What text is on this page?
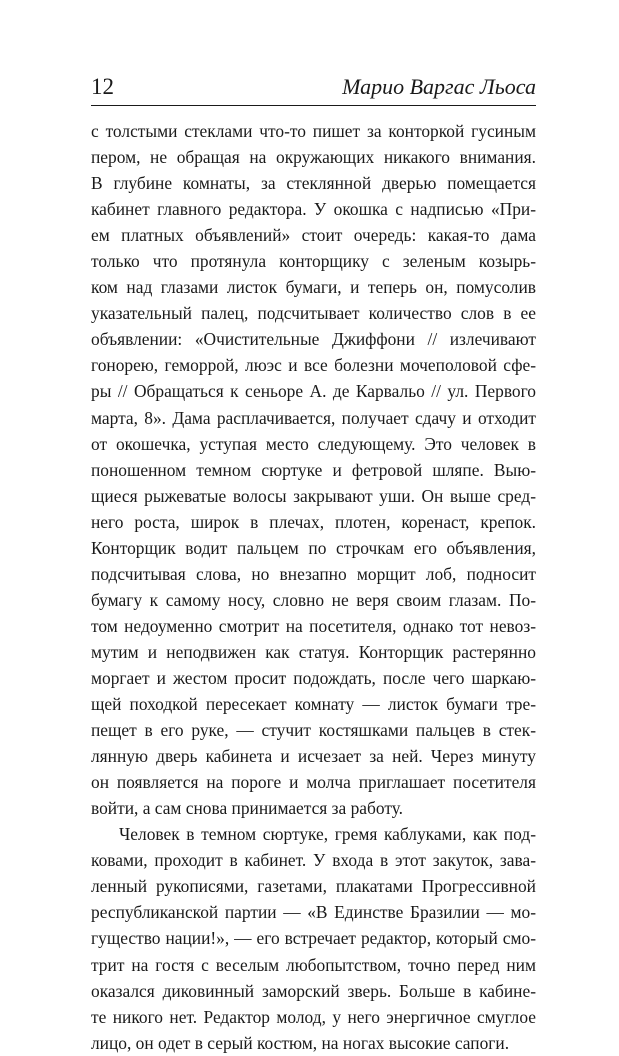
12	Марио Варгас Льоса
с толстыми стеклами что-то пишет за конторкой гусиным
пером, не обращая на окружающих никакого внимания.
В глубине комнаты, за стеклянной дверью помещается
кабинет главного редактора. У окошка с надписью «При-
ем платных объявлений» стоит очередь: какая-то дама
только что протянула конторщику с зеленым козырь-
ком над глазами листок бумаги, и теперь он, помусолив
указательный палец, подсчитывает количество слов в ее
объявлении: «Очистительные Джиффони // излечивают
гонорею, геморрой, люэс и все болезни мочеполовой сфе-
ры // Обращаться к сеньоре А. де Карвальо // ул. Первого
марта, 8». Дама расплачивается, получает сдачу и отходит
от окошечка, уступая место следующему. Это человек в
поношенном темном сюртуке и фетровой шляпе. Выю-
щиеся рыжеватые волосы закрывают уши. Он выше сред-
него роста, широк в плечах, плотен, коренаст, крепок.
Конторщик водит пальцем по строчкам его объявления,
подсчитывая слова, но внезапно морщит лоб, подносит
бумагу к самому носу, словно не веря своим глазам. По-
том недоуменно смотрит на посетителя, однако тот невоз-
мутим и неподвижен как статуя. Конторщик растерянно
моргает и жестом просит подождать, после чего шаркаю-
щей походкой пересекает комнату — листок бумаги тре-
пещет в его руке, — стучит костяшками пальцев в стек-
лянную дверь кабинета и исчезает за ней. Через минуту
он появляется на пороге и молча приглашает посетителя
войти, а сам снова принимается за работу.
Человек в темном сюртуке, гремя каблуками, как под-
ковами, проходит в кабинет. У входа в этот закуток, зава-
ленный рукописями, газетами, плакатами Прогрессивной
республиканской партии — «В Единстве Бразилии — мо-
гущество нации!», — его встречает редактор, который смо-
трит на гостя с веселым любопытством, точно перед ним
оказался диковинный заморский зверь. Больше в кабине-
те никого нет. Редактор молод, у него энергичное смуглое
лицо, он одет в серый костюм, на ногах высокие сапоги.
